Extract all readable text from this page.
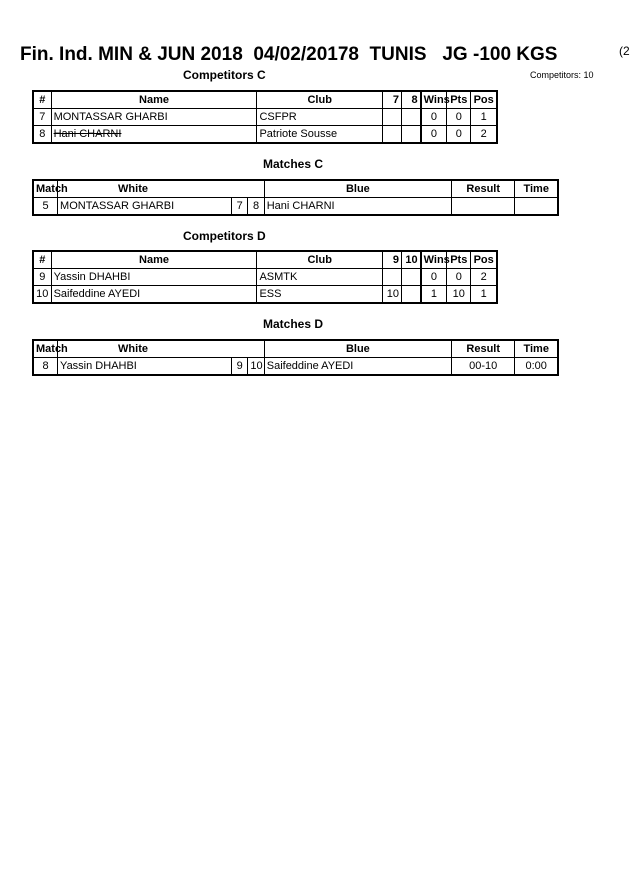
Fin. Ind. MIN & JUN 2018  04/02/20178  TUNIS   JG -100 KGS	(2
Competitors: 10
Competitors C
#	Name	Club	7	8	Wins	Pts	Pos
7	MONTASSAR GHARBI	CSFPR			0	0	1
8	Hani CHARNI	Patriote Sousse			0	0	2
Matches C
Match	White			Blue	Result	Time
5	MONTASSAR GHARBI	7	8	Hani CHARNI		
Competitors D
#	Name	Club	9	10	Wins	Pts	Pos
9	Yassin DHAHBI	ASMTK			0	0	2
10	Saifeddine AYEDI	ESS	10		1	10	1
Matches D
Match	White			Blue	Result	Time
8	Yassin DHAHBI	9	10	Saifeddine AYEDI	00-10	0:00
